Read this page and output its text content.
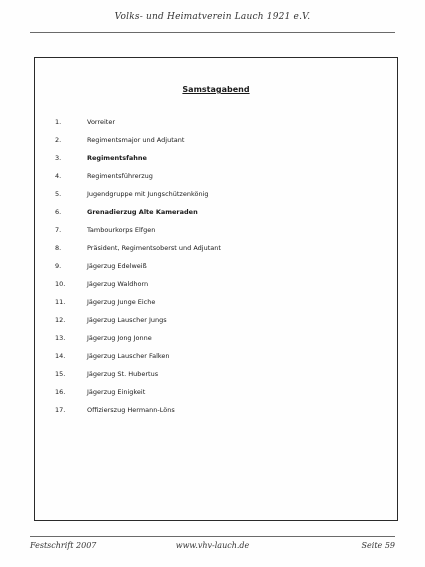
Volks- und Heimatverein Lauch 1921 e.V.
Samstagabend
1.	Vorreiter
2.	Regimentsmajor und Adjutant
3.	Regimentsfahne
4.	Regimentsführerzug
5.	Jugendgruppe mit Jungschützenkönig
6.	Grenadierzug Alte Kameraden
7.	Tambourkorps Elfgen
8.	Präsident, Regimentsoberst und Adjutant
9.	Jägerzug Edelweiß
10.	Jägerzug Waldhorn
11.	Jägerzug Junge Eiche
12.	Jägerzug Lauscher Jungs
13.	Jägerzug Jong Jonne
14.	Jägerzug Lauscher Falken
15.	Jägerzug St. Hubertus
16.	Jägerzug Einigkeit
17.	Offizierszug Hermann-Löns
Festschrift 2007	www.vhv-lauch.de	Seite 59
